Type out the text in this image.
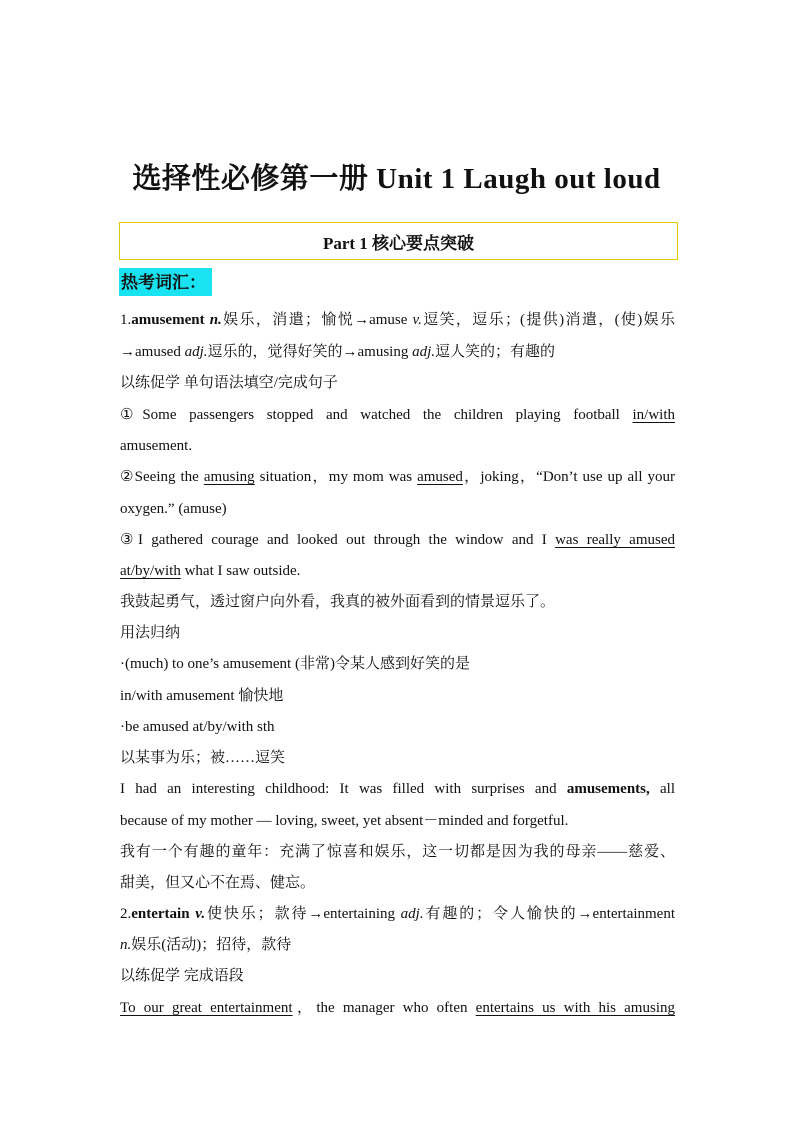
选择性必修第一册 Unit 1 Laugh out loud
Part 1 核心要点突破
热考词汇：
1.amusement n.娱乐，消遣；愉悦→amuse v.逗笑，逗乐；(提供)消遣，(使)娱乐
→amused adj.逗乐的，觉得好笑的→amusing adj.逗人笑的；有趣的
以练促学 单句语法填空/完成句子
①Some passengers stopped and watched the children playing football in/with
amusement.
②Seeing the amusing situation，my mom was amused，joking，“Don’t use up all your
oxygen.” (amuse)
③I gathered courage and looked out through the window and I was really amused
at/by/with what I saw outside.
我鼓起勇气，透过窗户向外看，我真的被外面看到的情景逗乐了。
用法归纳
·(much) to one’s amusement (非常)令某人感到好笑的是
in/with amusement 愉快地
·be amused at/by/with sth
以某事为乐；被……逗笑
I had an interesting childhood: It was filled with surprises and amusements, all
because of my mother — loving, sweet, yet absent－minded and forgetful.
我有一个有趣的童年：充满了惊喜和娱乐，这一切都是因为我的母亲——慈爱、
甜美，但又心不在焉、健忘。
2.entertain v.使快乐；款待→entertaining adj.有趣的；令人愉快的→entertainment
n.娱乐(活动)；招待，款待
以练促学 完成语段
To our great entertainment，the manager who often entertains us with his amusing
